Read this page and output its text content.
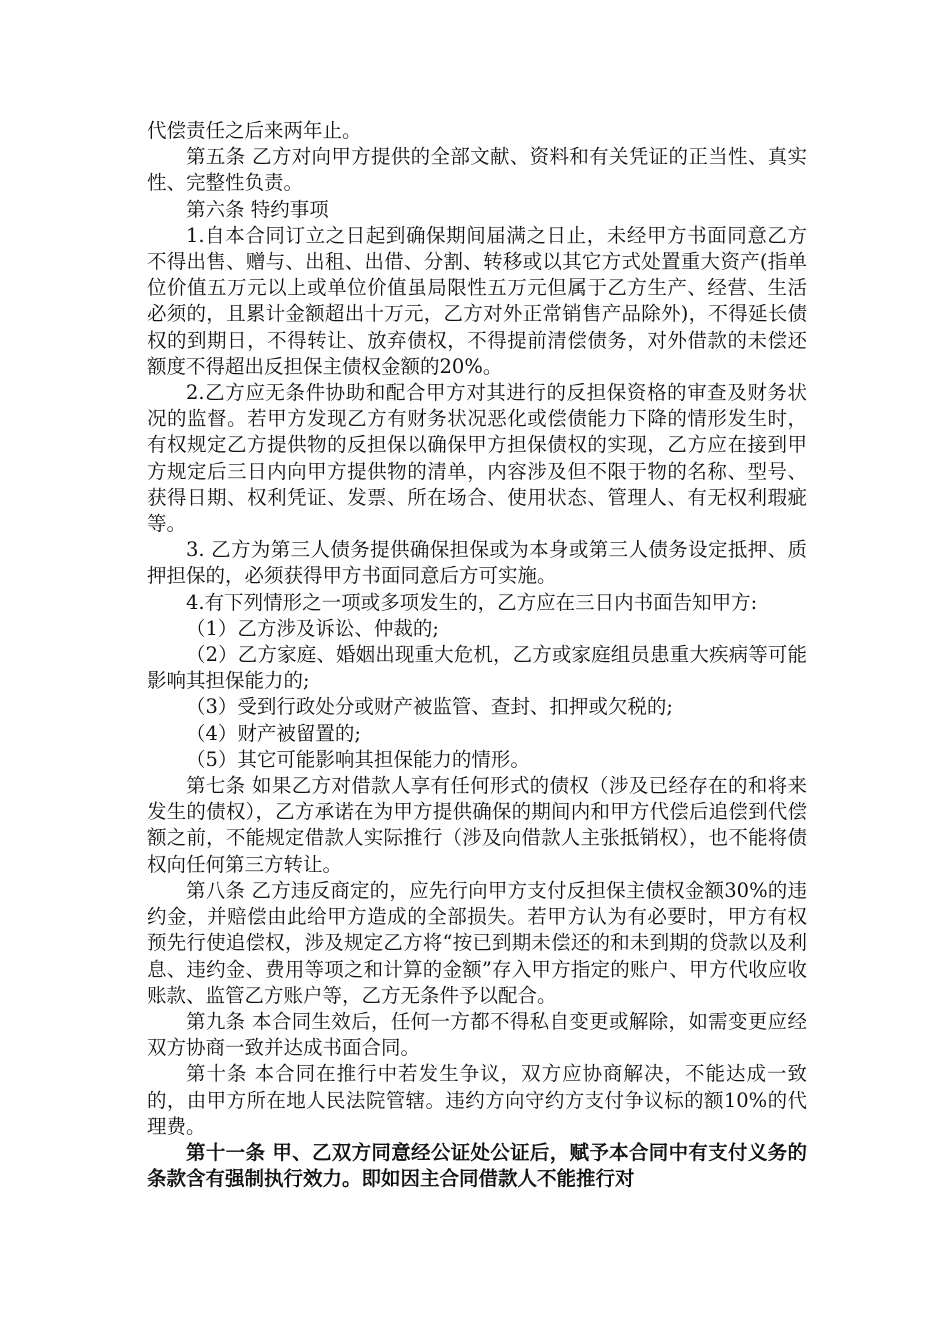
代偿责任之后来两年止。

第五条 乙方对向甲方提供的全部文献、资料和有关凭证的正当性、真实性、完整性负责。

第六条 特约事项

1.自本合同订立之日起到确保期间届满之日止，未经甲方书面同意乙方不得出售、赠与、出租、出借、分割、转移或以其它方式处置重大资产(指单位价值五万元以上或单位价值虽局限性五万元但属于乙方生产、经营、生活必须的，且累计金额超出十万元，乙方对外正常销售产品除外)，不得延长债权的到期日，不得转让、放弃债权，不得提前清偿债务，对外借款的未偿还额度不得超出反担保主债权金额的20%。

2.乙方应无条件协助和配合甲方对其进行的反担保资格的审查及财务状况的监督。若甲方发现乙方有财务状况恶化或偿债能力下降的情形发生时，有权规定乙方提供物的反担保以确保甲方担保债权的实现，乙方应在接到甲方规定后三日内向甲方提供物的清单，内容涉及但不限于物的名称、型号、获得日期、权利凭证、发票、所在场合、使用状态、管理人、有无权利瑕疵等。

3. 乙方为第三人债务提供确保担保或为本身或第三人债务设定抵押、质押担保的，必须获得甲方书面同意后方可实施。

4.有下列情形之一项或多项发生的，乙方应在三日内书面告知甲方:

（1）乙方涉及诉讼、仲裁的;

（2）乙方家庭、婚姻出现重大危机，乙方或家庭组员患重大疾病等可能影响其担保能力的;

（3）受到行政处分或财产被监管、查封、扣押或欠税的;

（4）财产被留置的;

（5）其它可能影响其担保能力的情形。

第七条 如果乙方对借款人享有任何形式的债权（涉及已经存在的和将来发生的债权），乙方承诺在为甲方提供确保的期间内和甲方代偿后追偿到代偿额之前，不能规定借款人实际推行（涉及向借款人主张抵销权），也不能将债权向任何第三方转让。

第八条 乙方违反商定的，应先行向甲方支付反担保主债权金额30%的违约金，并赔偿由此给甲方造成的全部损失。若甲方认为有必要时，甲方有权预先行使追偿权，涉及规定乙方将“按已到期未偿还的和未到期的贷款以及利息、违约金、费用等项之和计算的金额”存入甲方指定的账户、甲方代收应收账款、监管乙方账户等，乙方无条件予以配合。

第九条 本合同生效后，任何一方都不得私自变更或解除，如需变更应经双方协商一致并达成书面合同。

第十条 本合同在推行中若发生争议，双方应协商解决，不能达成一致的，由甲方所在地人民法院管辖。违约方向守约方支付争议标的额10%的代理费。

第十一条 甲、乙双方同意经公证处公证后，赋予本合同中有支付义务的条款含有强制执行效力。即如因主合同借款人不能推行对
